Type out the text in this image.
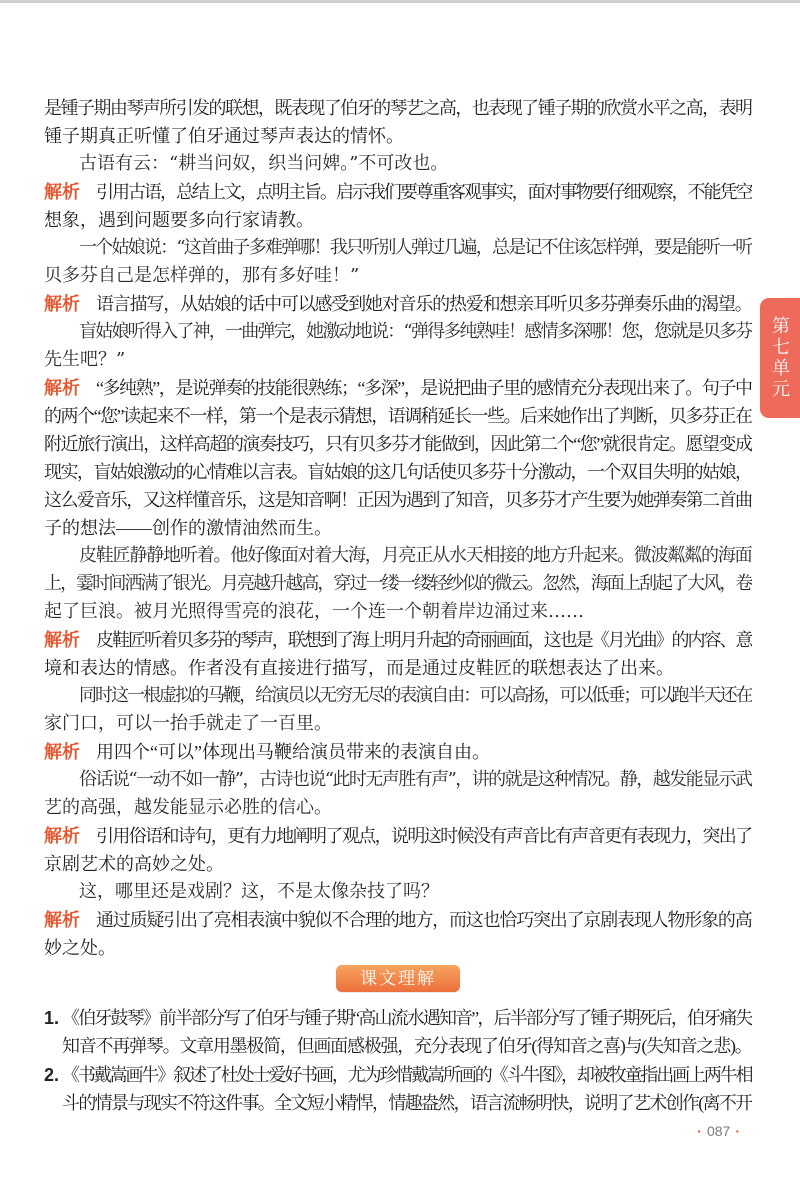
是锺子期由琴声所引发的联想，既表现了伯牙的琴艺之高，也表现了锺子期的欣赏水平之高，表明
锺子期真正听懂了伯牙通过琴声表达的情怀。
古语有云：“耕当问奴，织当问婢。”不可改也。
解析 引用古语，总结上文，点明主旨。启示我们要尊重客观事实，面对事物要仔细观察，不能凭空
想象，遇到问题要多向行家请教。
一个姑娘说：“这首曲子多难弹哪！我只听别人弹过几遍，总是记不住该怎样弹，要是能听一听
贝多芬自己是怎样弹的，那有多好哇！”
解析 语言描写，从姑娘的话中可以感受到她对音乐的热爱和想亲耳听贝多芬弹奏乐曲的渴望。
盲姑娘听得入了神，一曲弹完，她激动地说：“弹得多纯熟哇！感情多深哪！您，您就是贝多芬
先生吧？”
解析 “多纯熟”，是说弹奏的技能很熟练；“多深”，是说把曲子里的感情充分表现出来了。句子中
的两个“您”读起来不一样，第一个是表示猜想，语调稍延长一些。后来她作出了判断，贝多芬正在
附近旅行演出，这样高超的演奏技巧，只有贝多芬才能做到，因此第二个“您”就很肯定。愿望变成
现实，盲姑娘激动的心情难以言表。盲姑娘的这几句话使贝多芬十分激动，一个双目失明的姑娘，
这么爱音乐，又这样懂音乐，这是知音啊！正因为遇到了知音，贝多芬才产生要为她弹奏第二首曲
子的想法——创作的激情油然而生。
皮鞋匠静静地听着。他好像面对着大海，月亮正从水天相接的地方升起来。微波粼粼的海面
上，霎时间洒满了银光。月亮越升越高，穿过一缕一缕轻纱似的微云。忽然，海面上刮起了大风，卷
起了巨浪。被月光照得雪亮的浪花，一个连一个朝着岸边涌过来……
解析 皮鞋匠听着贝多芬的琴声，联想到了海上明月升起的奇丽画面，这也是《月光曲》的内容、意
境和表达的情感。作者没有直接进行描写，而是通过皮鞋匠的联想表达了出来。
同时这一根虚拟的马鞭，给演员以无穷无尽的表演自由：可以高扬，可以低垂；可以跑半天还在
家门口，可以一抬手就走了一百里。
解析 用四个“可以”体现出马鞭给演员带来的表演自由。
俗话说“一动不如一静”，古诗也说“此时无声胜有声”，讲的就是这种情况。静，越发能显示武
艺的高强，越发能显示必胜的信心。
解析 引用俗语和诗句，更有力地阐明了观点，说明这时候没有声音比有声音更有表现力，突出了
京剧艺术的高妙之处。
这，哪里还是戏剧？这，不是太像杂技了吗？
解析 通过质疑引出了亮相表演中貌似不合理的地方，而这也恰巧突出了京剧表现人物形象的高
妙之处。
课文理解
1. 《伯牙鼓琴》前半部分写了伯牙与锺子期“高山流水遇知音”，后半部分写了锺子期死后，伯牙痛失
知音不再弹琴。文章用墨极简，但画面感极强，充分表现了伯牙(得知音之喜)与(失知音之悲)。
2. 《书戴嵩画牛》叙述了杜处士爱好书画，尤为珍惜戴嵩所画的《斗牛图》，却被牧童指出画上两牛相
斗的情景与现实不符这件事。全文短小精悍，情趣盎然，语言流畅明快，说明了艺术创作(离不开
· 087 ·
第七单元
